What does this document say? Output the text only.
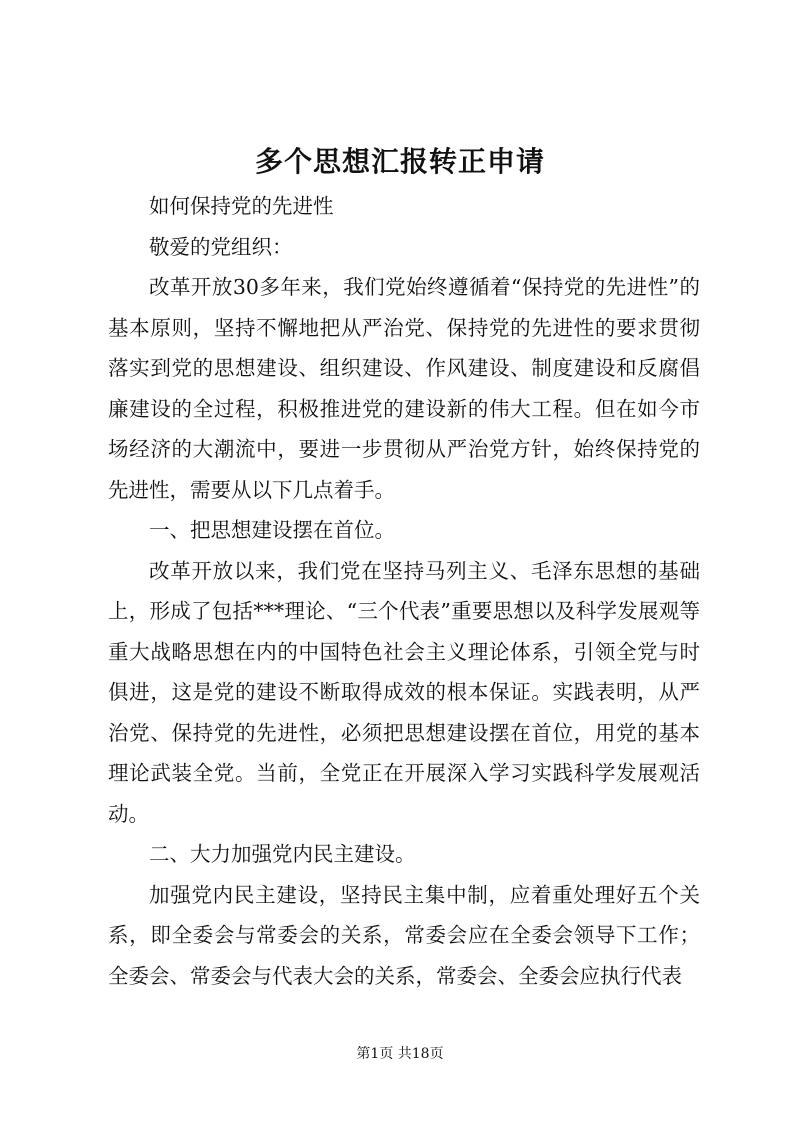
多个思想汇报转正申请

如何保持党的先进性

敬爱的党组织：

改革开放30多年来，我们党始终遵循着“保持党的先进性”的基本原则，坚持不懈地把从严治党、保持党的先进性的要求贯彻落实到党的思想建设、组织建设、作风建设、制度建设和反腐倡廉建设的全过程，积极推进党的建设新的伟大工程。但在如今市场经济的大潮流中，要进一步贯彻从严治党方针，始终保持党的先进性，需要从以下几点着手。

一、把思想建设摆在首位。

改革开放以来，我们党在坚持马列主义、毛泽东思想的基础上，形成了包括***理论、“三个代表”重要思想以及科学发展观等重大战略思想在内的中国特色社会主义理论体系，引领全党与时俱进，这是党的建设不断取得成效的根本保证。实践表明，从严治党、保持党的先进性，必须把思想建设摆在首位，用党的基本理论武装全党。当前，全党正在开展深入学习实践科学发展观活动。

二、大力加强党内民主建设。

加强党内民主建设，坚持民主集中制，应着重处理好五个关系，即全委会与常委会的关系，常委会应在全委会领导下工作；全委会、常委会与代表大会的关系，常委会、全委会应执行代表

第1页 共18页
